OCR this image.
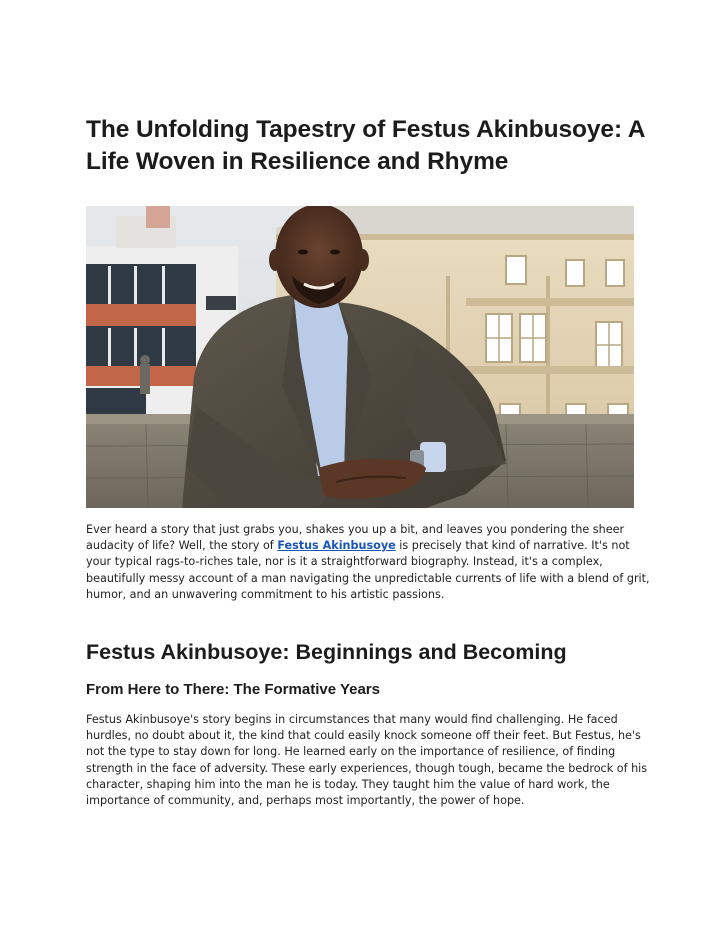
The Unfolding Tapestry of Festus Akinbusoye: A Life Woven in Resilience and Rhyme

Ever heard a story that just grabs you, shakes you up a bit, and leaves you pondering the sheer audacity of life? Well, the story of Festus Akinbusoye is precisely that kind of narrative. It's not your typical rags-to-riches tale, nor is it a straightforward biography. Instead, it's a complex, beautifully messy account of a man navigating the unpredictable currents of life with a blend of grit, humor, and an unwavering commitment to his artistic passions.

Festus Akinbusoye: Beginnings and Becoming
From Here to There: The Formative Years

Festus Akinbusoye's story begins in circumstances that many would find challenging. He faced hurdles, no doubt about it, the kind that could easily knock someone off their feet. But Festus, he's not the type to stay down for long. He learned early on the importance of resilience, of finding strength in the face of adversity. These early experiences, though tough, became the bedrock of his character, shaping him into the man he is today. They taught him the value of hard work, the importance of community, and, perhaps most importantly, the power of hope.
